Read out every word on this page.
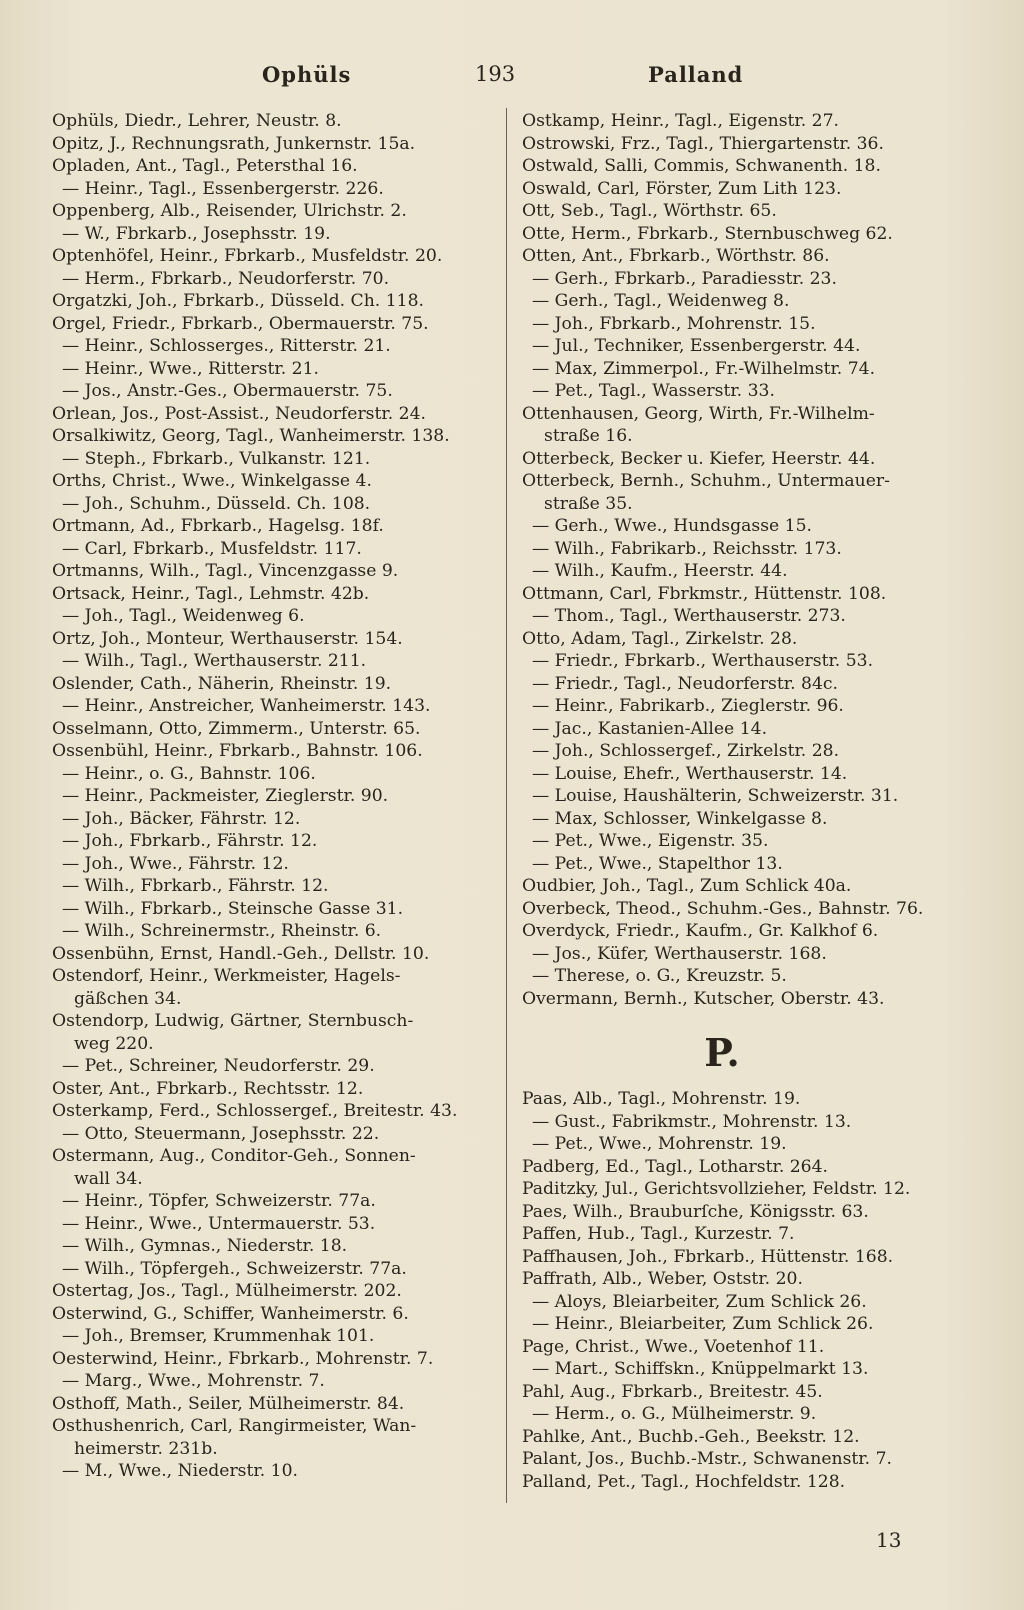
Ophüls	193	Palland
Ophüls, Diedr., Lehrer, Neustr. 8.
Opitz, J., Rechnungsrath, Junkernstr. 15a.
Opladen, Ant., Tagl., Petersthal 16.
— Heinr., Tagl., Essenbergerstr. 226.
Oppenberg, Alb., Reisender, Ulrichstr. 2.
— W., Fbrkarb., Josephsstr. 19.
Optenhöfel, Heinr., Fbrkarb., Musfeldstr. 20.
— Herm., Fbrkarb., Neudorferstr. 70.
Orgatzki, Joh., Fbrkarb., Düsseld. Ch. 118.
Orgel, Friedr., Fbrkarb., Obermauerstr. 75.
— Heinr., Schlosserges., Ritterstr. 21.
— Heinr., Wwe., Ritterstr. 21.
— Jos., Anstr.-Ges., Obermauerstr. 75.
Orlean, Jos., Post-Assist., Neudorferstr. 24.
Orsalkiwitz, Georg, Tagl., Wanheimerstr. 138.
— Steph., Fbrkarb., Vulkanstr. 121.
Orths, Christ., Wwe., Winkelgasse 4.
— Joh., Schuhm., Düsseld. Ch. 108.
Ortmann, Ad., Fbrkarb., Hagelsg. 18f.
— Carl, Fbrkarb., Musfeldstr. 117.
Ortmanns, Wilh., Tagl., Vincenzgasse 9.
Ortsack, Heinr., Tagl., Lehmstr. 42b.
— Joh., Tagl., Weidenweg 6.
Ortz, Joh., Monteur, Werthauserstr. 154.
— Wilh., Tagl., Werthauserstr. 211.
Oslender, Cath., Näherin, Rheinstr. 19.
— Heinr., Anstreicher, Wanheimerstr. 143.
Osselmann, Otto, Zimmerm., Unterstr. 65.
Ossenbühl, Heinr., Fbrkarb., Bahnstr. 106.
— Heinr., o. G., Bahnstr. 106.
— Heinr., Packmeister, Zieglerstr. 90.
— Joh., Bäcker, Fährstr. 12.
— Joh., Fbrkarb., Fährstr. 12.
— Joh., Wwe., Fährstr. 12.
— Wilh., Fbrkarb., Fährstr. 12.
— Wilh., Fbrkarb., Steinsche Gasse 31.
— Wilh., Schreinermstr., Rheinstr. 6.
Ossenbühn, Ernst, Handl.-Geh., Dellstr. 10.
Ostendorf, Heinr., Werkmeister, Hagels-
gäßchen 34.
Ostendorp, Ludwig, Gärtner, Sternbusch-
weg 220.
— Pet., Schreiner, Neudorferstr. 29.
Oster, Ant., Fbrkarb., Rechtsstr. 12.
Osterkamp, Ferd., Schlossergef., Breitestr. 43.
— Otto, Steuermann, Josephsstr. 22.
Ostermann, Aug., Conditor-Geh., Sonnen-
wall 34.
— Heinr., Töpfer, Schweizerstr. 77a.
— Heinr., Wwe., Untermauerstr. 53.
— Wilh., Gymnas., Niederstr. 18.
— Wilh., Töpfergeh., Schweizerstr. 77a.
Ostertag, Jos., Tagl., Mülheimerstr. 202.
Osterwind, G., Schiffer, Wanheimerstr. 6.
— Joh., Bremser, Krummenhak 101.
Oesterwind, Heinr., Fbrkarb., Mohrenstr. 7.
— Marg., Wwe., Mohrenstr. 7.
Osthoff, Math., Seiler, Mülheimerstr. 84.
Osthushenrich, Carl, Rangirmeister, Wan-
heimerstr. 231b.
— M., Wwe., Niederstr. 10.
Ostkamp, Heinr., Tagl., Eigenstr. 27.
Ostrowski, Frz., Tagl., Thiergartenstr. 36.
Ostwald, Salli, Commis, Schwanenth. 18.
Oswald, Carl, Förster, Zum Lith 123.
Ott, Seb., Tagl., Wörthstr. 65.
Otte, Herm., Fbrkarb., Sternbuschweg 62.
Otten, Ant., Fbrkarb., Wörthstr. 86.
— Gerh., Fbrkarb., Paradiesstr. 23.
— Gerh., Tagl., Weidenweg 8.
— Joh., Fbrkarb., Mohrenstr. 15.
— Jul., Techniker, Essenbergerstr. 44.
— Max, Zimmerpol., Fr.-Wilhelmstr. 74.
— Pet., Tagl., Wasserstr. 33.
Ottenhausen, Georg, Wirth, Fr.-Wilhelm-
straße 16.
Otterbeck, Becker u. Kiefer, Heerstr. 44.
Otterbeck, Bernh., Schuhm., Untermauer-
straße 35.
— Gerh., Wwe., Hundsgasse 15.
— Wilh., Fabrikarb., Reichsstr. 173.
— Wilh., Kaufm., Heerstr. 44.
Ottmann, Carl, Fbrkmstr., Hüttenstr. 108.
— Thom., Tagl., Werthauserstr. 273.
Otto, Adam, Tagl., Zirkelstr. 28.
— Friedr., Fbrkarb., Werthauserstr. 53.
— Friedr., Tagl., Neudorferstr. 84c.
— Heinr., Fabrikarb., Zieglerstr. 96.
— Jac., Kastanien-Allee 14.
— Joh., Schlossergef., Zirkelstr. 28.
— Louise, Ehefr., Werthauserstr. 14.
— Louise, Haushälterin, Schweizerstr. 31.
— Max, Schlosser, Winkelgasse 8.
— Pet., Wwe., Eigenstr. 35.
— Pet., Wwe., Stapelthor 13.
Oudbier, Joh., Tagl., Zum Schlick 40a.
Overbeck, Theod., Schuhm.-Ges., Bahnstr. 76.
Overdyck, Friedr., Kaufm., Gr. Kalkhof 6.
— Jos., Küfer, Werthauserstr. 168.
— Therese, o. G., Kreuzstr. 5.
Overmann, Bernh., Kutscher, Oberstr. 43.
P.
Paas, Alb., Tagl., Mohrenstr. 19.
— Gust., Fabrikmstr., Mohrenstr. 13.
— Pet., Wwe., Mohrenstr. 19.
Padberg, Ed., Tagl., Lotharstr. 264.
Paditzky, Jul., Gerichtsvollzieher, Feldstr. 12.
Paes, Wilh., Brauburſche, Königsstr. 63.
Paffen, Hub., Tagl., Kurzestr. 7.
Paffhausen, Joh., Fbrkarb., Hüttenstr. 168.
Paffrath, Alb., Weber, Oststr. 20.
— Aloys, Bleiarbeiter, Zum Schlick 26.
— Heinr., Bleiarbeiter, Zum Schlick 26.
Page, Christ., Wwe., Voetenhof 11.
— Mart., Schiffskn., Knüppelmarkt 13.
Pahl, Aug., Fbrkarb., Breitestr. 45.
— Herm., o. G., Mülheimerstr. 9.
Pahlke, Ant., Buchb.-Geh., Beekstr. 12.
Palant, Jos., Buchb.-Mstr., Schwanenstr. 7.
Palland, Pet., Tagl., Hochfeldstr. 128.
13
